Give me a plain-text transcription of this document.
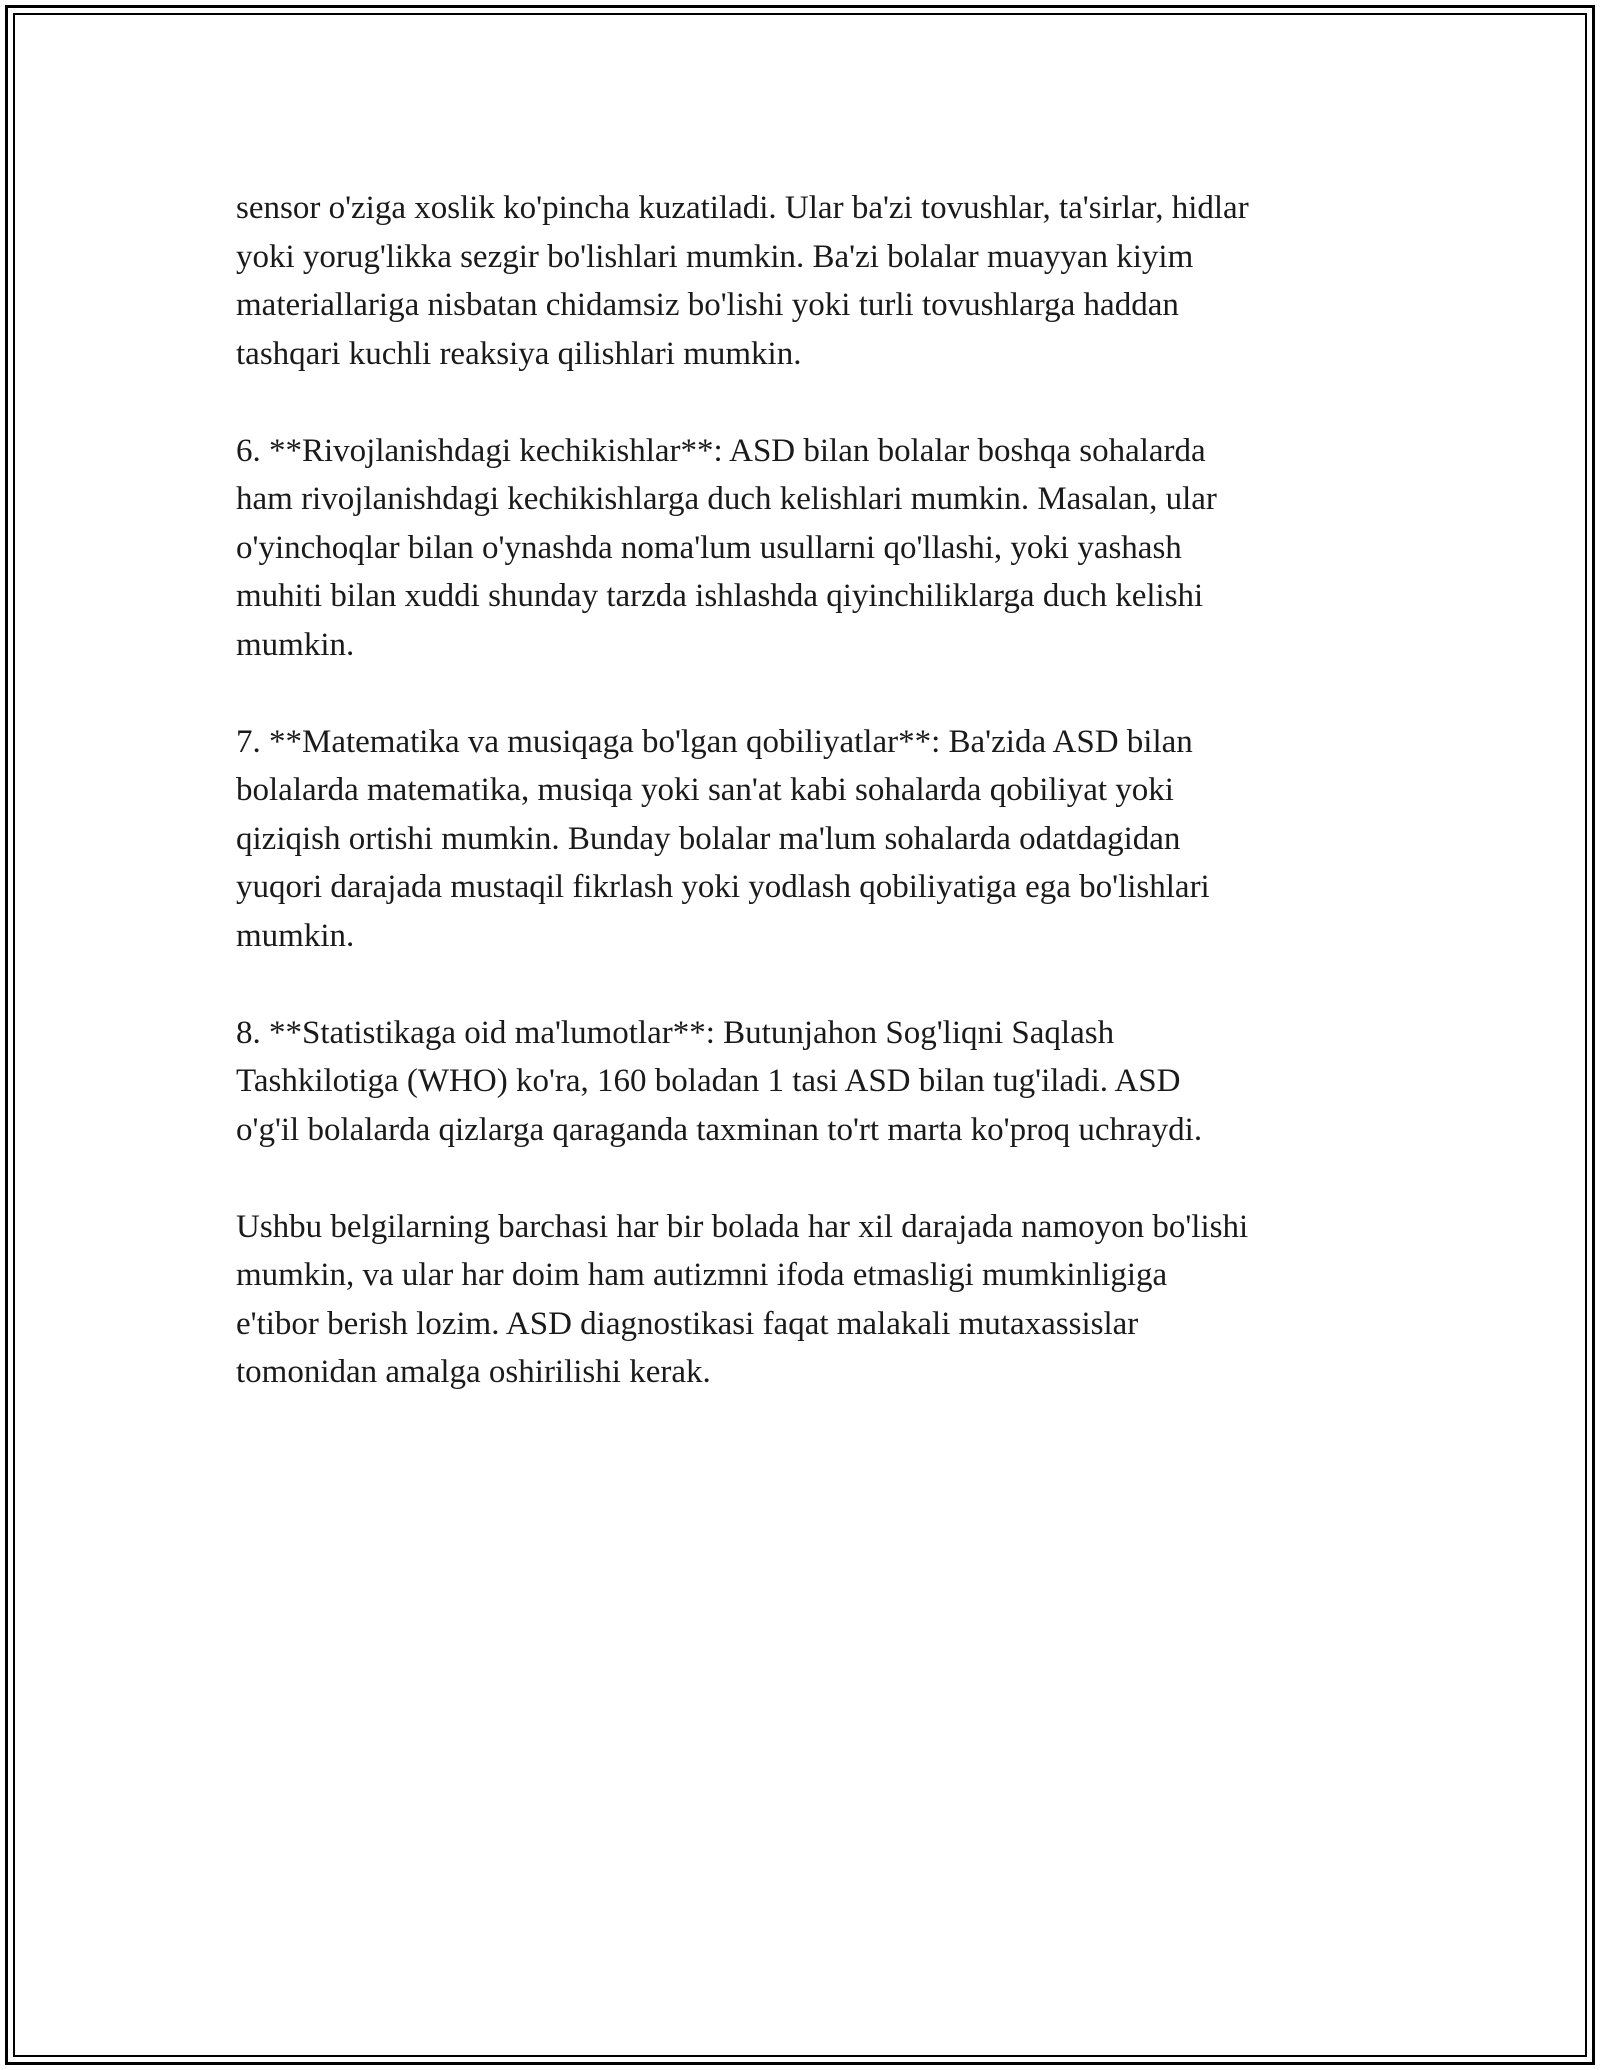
sensor o'ziga xoslik ko'pincha kuzatiladi. Ular ba'zi tovushlar, ta'sirlar, hidlar
yoki yorug'likka sezgir bo'lishlari mumkin. Ba'zi bolalar muayyan kiyim
materiallariga nisbatan chidamsiz bo'lishi yoki turli tovushlarga haddan
tashqari kuchli reaksiya qilishlari mumkin.

6. **Rivojlanishdagi kechikishlar**: ASD bilan bolalar boshqa sohalarda
ham rivojlanishdagi kechikishlarga duch kelishlari mumkin. Masalan, ular
o'yinchoqlar bilan o'ynashda noma'lum usullarni qo'llashi, yoki yashash
muhiti bilan xuddi shunday tarzda ishlashda qiyinchiliklarga duch kelishi
mumkin.

7. **Matematika va musiqaga bo'lgan qobiliyatlar**: Ba'zida ASD bilan
bolalarda matematika, musiqa yoki san'at kabi sohalarda qobiliyat yoki
qiziqish ortishi mumkin. Bunday bolalar ma'lum sohalarda odatdagidan
yuqori darajada mustaqil fikrlash yoki yodlash qobiliyatiga ega bo'lishlari
mumkin.

8. **Statistikaga oid ma'lumotlar**: Butunjahon Sog'liqni Saqlash
Tashkilotiga (WHO) ko'ra, 160 boladan 1 tasi ASD bilan tug'iladi. ASD
o'g'il bolalarda qizlarga qaraganda taxminan to'rt marta ko'proq uchraydi.

Ushbu belgilarning barchasi har bir bolada har xil darajada namoyon bo'lishi
mumkin, va ular har doim ham autizmni ifoda etmasligi mumkinligiga
e'tibor berish lozim. ASD diagnostikasi faqat malakali mutaxassislar
tomonidan amalga oshirilishi kerak.
